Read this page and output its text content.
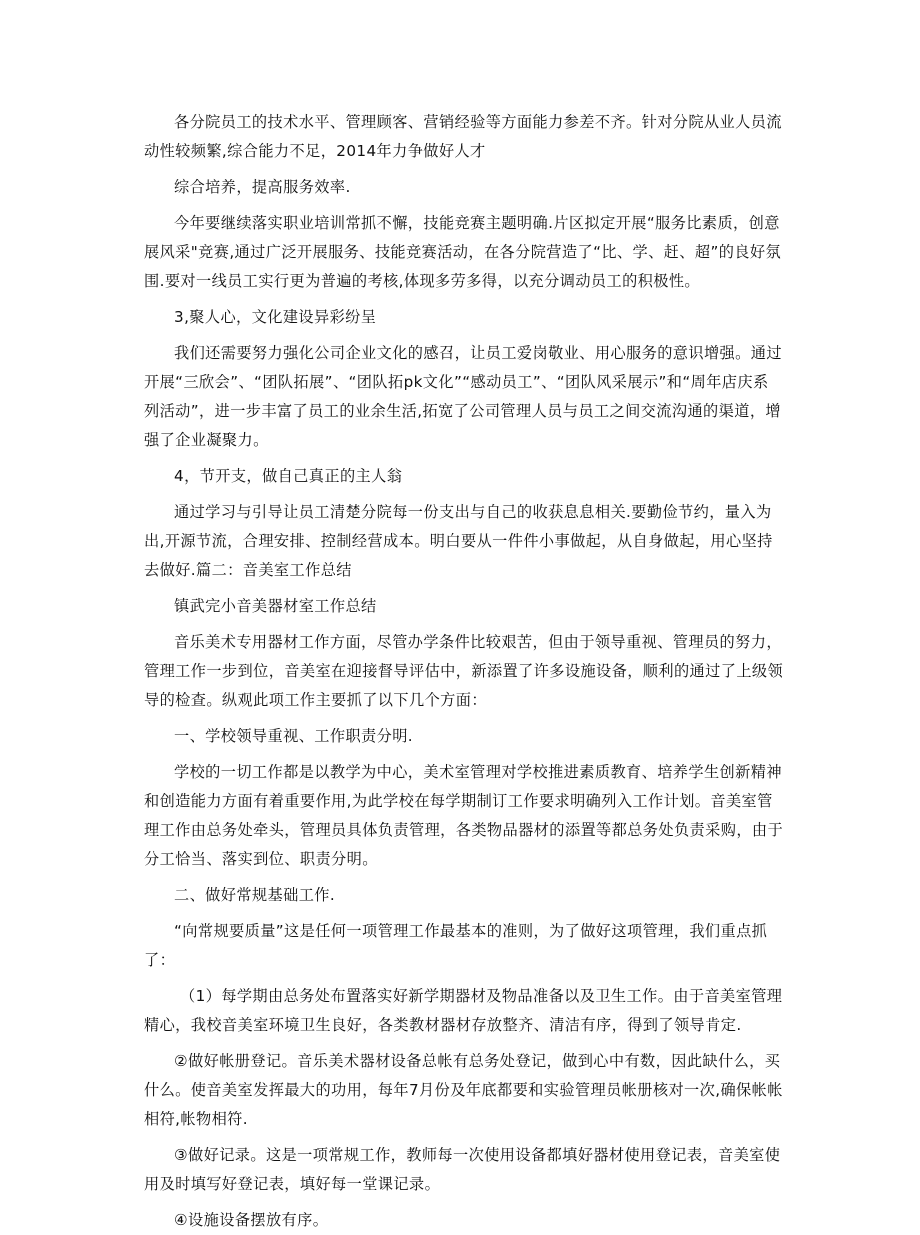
各分院员工的技术水平、管理顾客、营销经验等方面能力参差不齐。针对分院从业人员流动性较频繁,综合能力不足，2014年力争做好人才

综合培养，提高服务效率.

今年要继续落实职业培训常抓不懈，技能竞赛主题明确.片区拟定开展“服务比素质，创意展风采"竞赛,通过广泛开展服务、技能竞赛活动，在各分院营造了“比、学、赶、超”的良好氛围.要对一线员工实行更为普遍的考核,体现多劳多得，以充分调动员工的积极性。

3,聚人心，文化建设异彩纷呈

我们还需要努力强化公司企业文化的感召，让员工爱岗敬业、用心服务的意识增强。通过开展“三欣会”、“团队拓展”、“团队拓pk文化”“感动员工”、“团队风采展示”和“周年店庆系列活动”，进一步丰富了员工的业余生活,拓宽了公司管理人员与员工之间交流沟通的渠道，增强了企业凝聚力。

4，节开支，做自己真正的主人翁

通过学习与引导让员工清楚分院每一份支出与自己的收获息息相关.要勤俭节约，量入为出,开源节流，合理安排、控制经营成本。明白要从一件件小事做起，从自身做起，用心坚持去做好.篇二：音美室工作总结

镇武完小音美器材室工作总结

音乐美术专用器材工作方面，尽管办学条件比较艰苦，但由于领导重视、管理员的努力，管理工作一步到位，音美室在迎接督导评估中，新添置了许多设施设备，顺利的通过了上级领导的检查。纵观此项工作主要抓了以下几个方面：

一、学校领导重视、工作职责分明.

学校的一切工作都是以教学为中心，美术室管理对学校推进素质教育、培养学生创新精神和创造能力方面有着重要作用,为此学校在每学期制订工作要求明确列入工作计划。音美室管理工作由总务处牵头，管理员具体负责管理，各类物品器材的添置等都总务处负责采购，由于分工恰当、落实到位、职责分明。

二、做好常规基础工作.

“向常规要质量”这是任何一项管理工作最基本的准则，为了做好这项管理，我们重点抓了：

（1）每学期由总务处布置落实好新学期器材及物品准备以及卫生工作。由于音美室管理精心，我校音美室环境卫生良好，各类教材器材存放整齐、清洁有序，得到了领导肯定.

②做好帐册登记。音乐美术器材设备总帐有总务处登记，做到心中有数，因此缺什么，买什么。使音美室发挥最大的功用，每年7月份及年底都要和实验管理员帐册核对一次,确保帐帐相符,帐物相符.

③做好记录。这是一项常规工作，教师每一次使用设备都填好器材使用登记表，音美室使用及时填写好登记表，填好每一堂课记录。

④设施设备摆放有序。
